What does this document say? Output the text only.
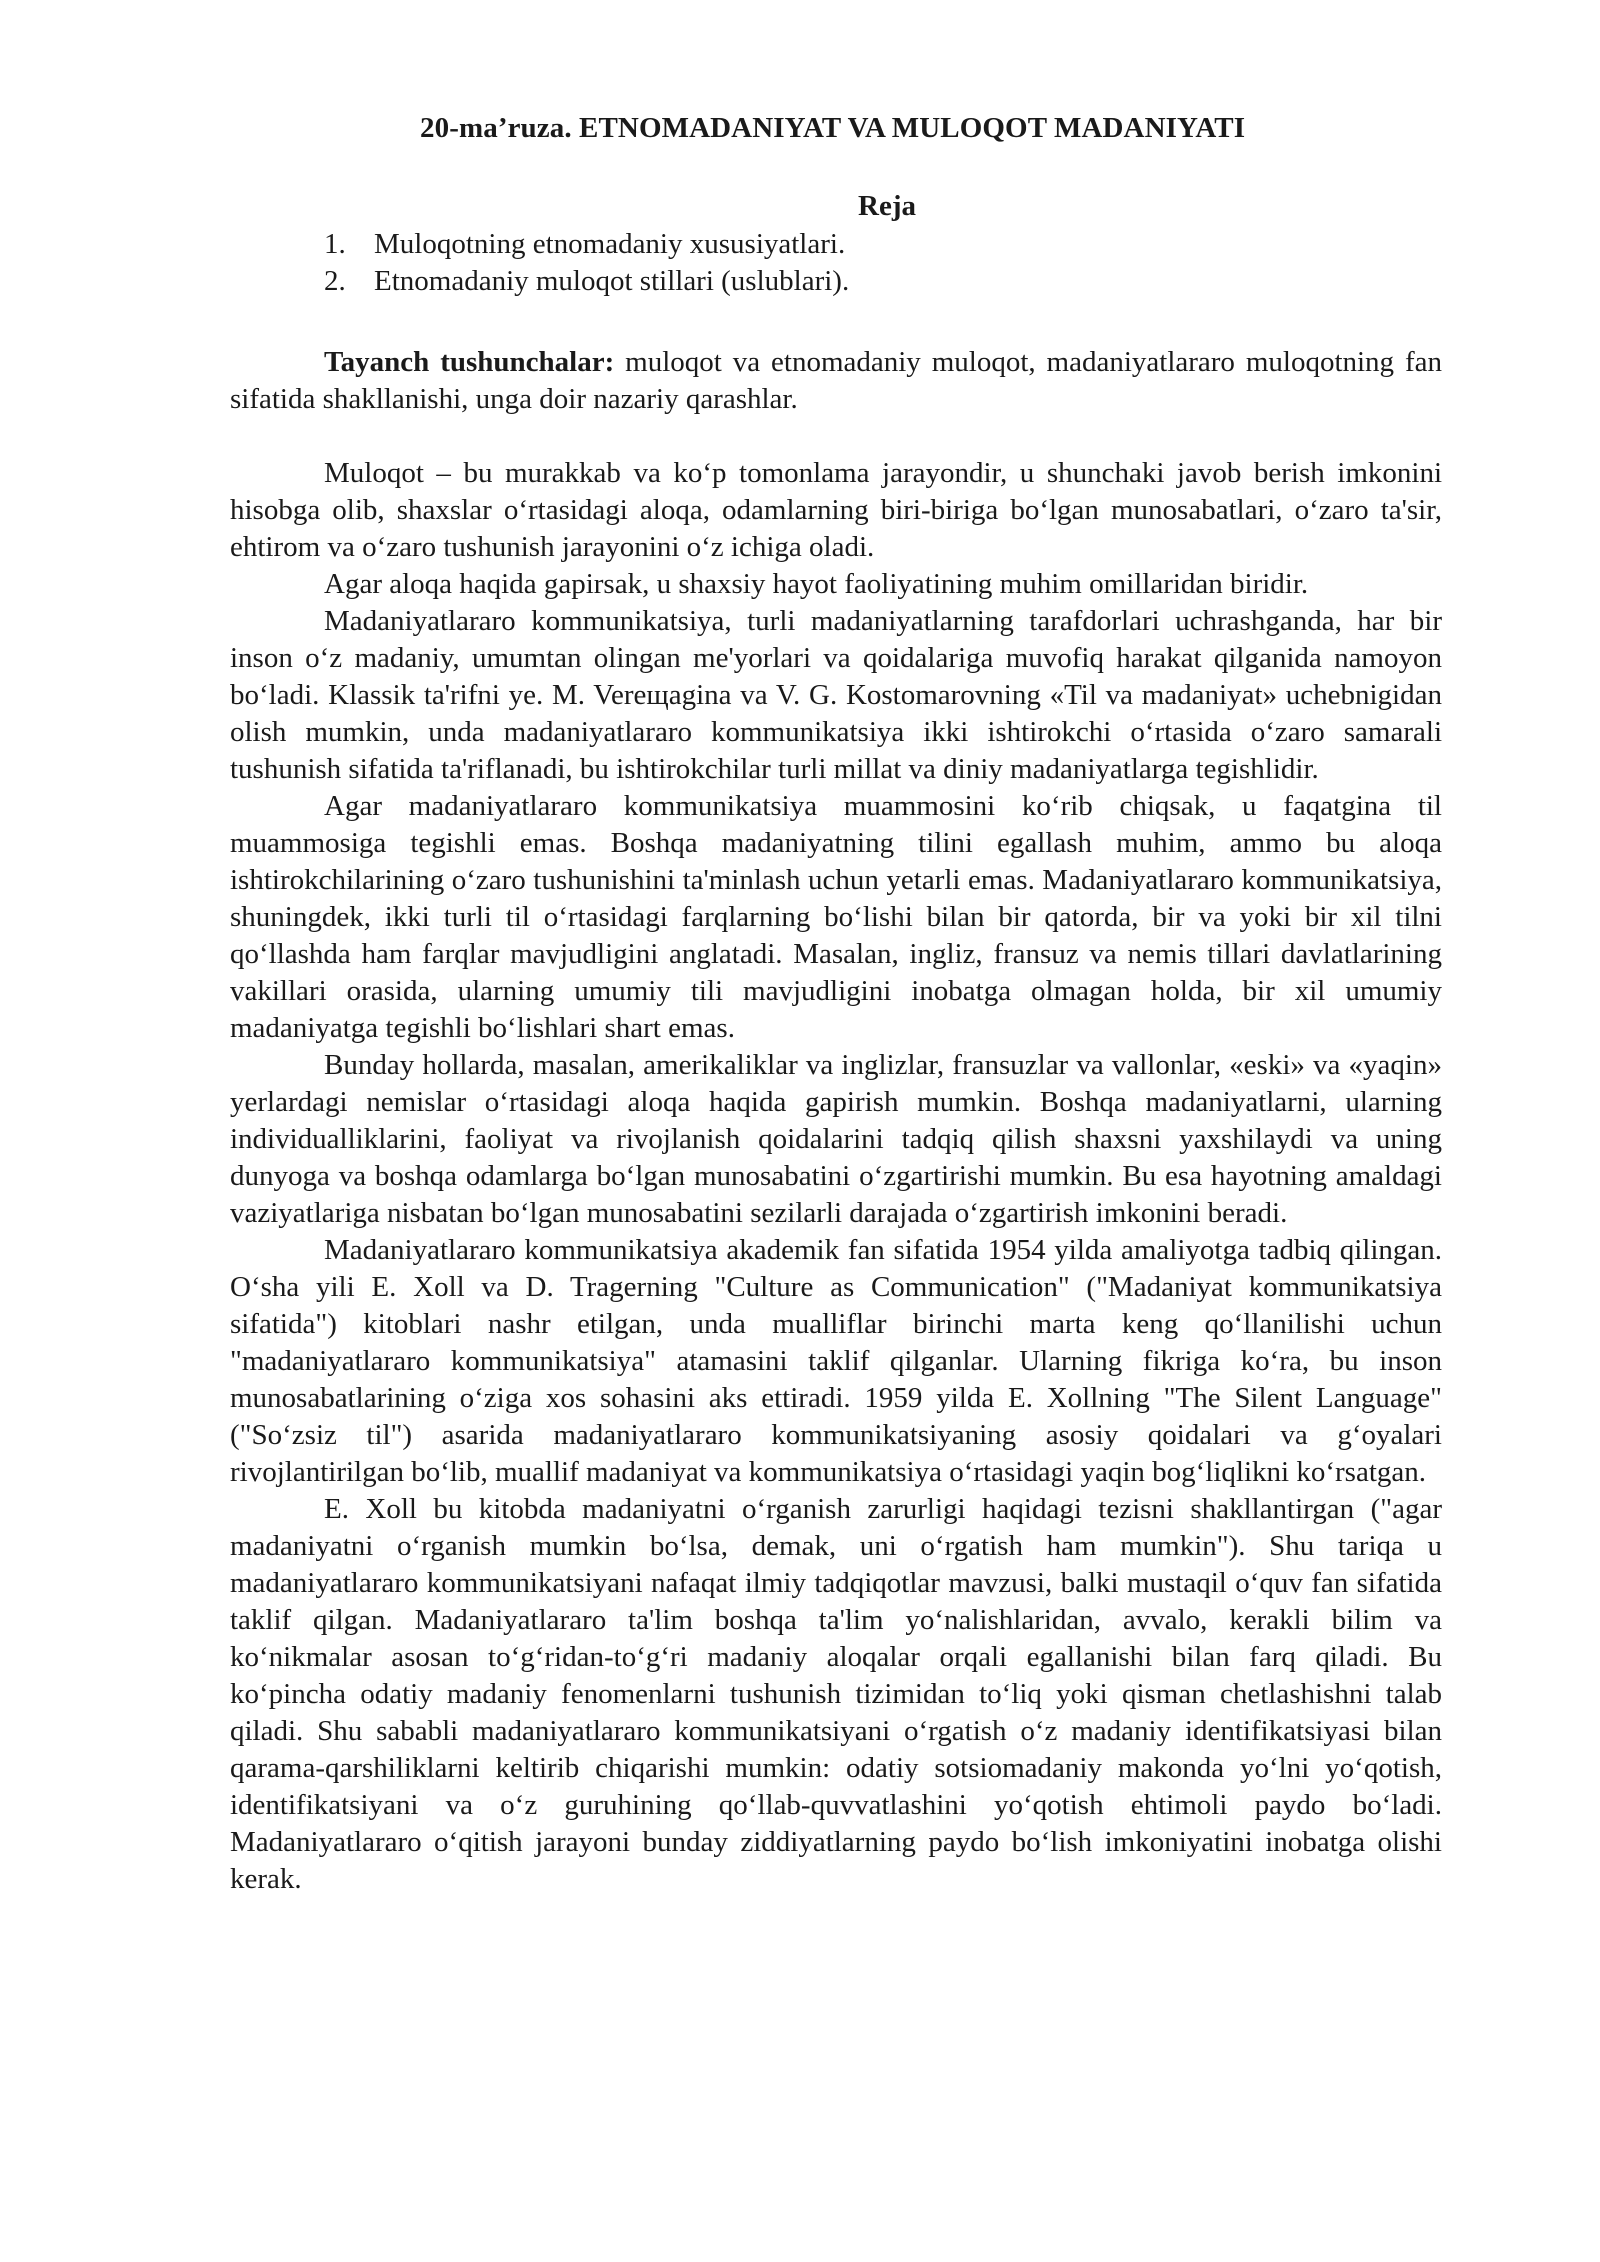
20-ma’ruza. ETNOMADANIYAT VA MULOQOT MADANIYATI
Reja
1. Muloqotning etnomadaniy xususiyatlari.
2. Etnomadaniy muloqot stillari (uslublari).

Tayanch tushunchalar: muloqot va etnomadaniy muloqot, madaniyatlararo muloqotning fan sifatida shakllanishi, unga doir nazariy qarashlar.

Muloqot – bu murakkab va koʻp tomonlama jarayondir, u shunchaki javob berish imkonini hisobga olib, shaxslar oʻrtasidagi aloqa, odamlarning biri-biriga boʻlgan munosabatlari, oʻzaro ta'sir, ehtirom va oʻzaro tushunish jarayonini oʻz ichiga oladi.

Agar aloqa haqida gapirsak, u shaxsiy hayot faoliyatining muhim omillaridan biridir.

Madaniyatlararo kommunikatsiya, turli madaniyatlarning tarafdorlari uchrashganda, har bir inson oʻz madaniy, umumtan olingan me'yorlari va qoidalariga muvofiq harakat qilganida namoyon boʻladi. Klassik ta'rifni ye. M. Vereщagina va V. G. Kostomarovning «Til va madaniyat» uchebnigidan olish mumkin, unda madaniyatlararo kommunikatsiya ikki ishtirokchi oʻrtasida oʻzaro samarali tushunish sifatida ta'riflanadi, bu ishtirokchilar turli millat va diniy madaniyatlarga tegishlidir.

Agar madaniyatlararo kommunikatsiya muammosini koʻrib chiqsak, u faqatgina til muammosiga tegishli emas. Boshqa madaniyatning tilini egallash muhim, ammo bu aloqa ishtirokchilarining oʻzaro tushunishini ta'minlash uchun yetarli emas. Madaniyatlararo kommunikatsiya, shuningdek, ikki turli til oʻrtasidagi farqlarning boʻlishi bilan bir qatorda, bir va yoki bir xil tilni qoʻllashda ham farqlar mavjudligini anglatadi. Masalan, ingliz, fransuz va nemis tillari davlatlarining vakillari orasida, ularning umumiy tili mavjudligini inobatga olmagan holda, bir xil umumiy madaniyatga tegishli boʻlishlari shart emas.

Bunday hollarda, masalan, amerikaliklar va inglizlar, fransuzlar va vallonlar, «eski» va «yaqin» yerlardagi nemislar oʻrtasidagi aloqa haqida gapirish mumkin. Boshqa madaniyatlarni, ularning individualliklarini, faoliyat va rivojlanish qoidalarini tadqiq qilish shaxsni yaxshilaydi va uning dunyoga va boshqa odamlarga boʻlgan munosabatini oʻzgartirishi mumkin. Bu esa hayotning amaldagi vaziyatlariga nisbatan boʻlgan munosabatini sezilarli darajada oʻzgartirish imkonini beradi.

Madaniyatlararo kommunikatsiya akademik fan sifatida 1954 yilda amaliyotga tadbiq qilingan. Oʻsha yili E. Xoll va D. Tragerning "Culture as Communication" ("Madaniyat kommunikatsiya sifatida") kitoblari nashr etilgan, unda mualliflar birinchi marta keng qoʻllanilishi uchun "madaniyatlararo kommunikatsiya" atamasini taklif qilganlar. Ularning fikriga koʻra, bu inson munosabatlarining oʻziga xos sohasini aks ettiradi. 1959 yilda E. Xollning "The Silent Language" ("Soʻzsiz til") asarida madaniyatlararo kommunikatsiyaning asosiy qoidalari va gʻoyalari rivojlantirilgan boʻlib, muallif madaniyat va kommunikatsiya oʻrtasidagi yaqin bogʻliqlikni koʻrsatgan.

E. Xoll bu kitobda madaniyatni oʻrganish zarurligi haqidagi tezisni shakllantirgan ("agar madaniyatni oʻrganish mumkin boʻlsa, demak, uni oʻrgatish ham mumkin"). Shu tariqa u madaniyatlararo kommunikatsiyani nafaqat ilmiy tadqiqotlar mavzusi, balki mustaqil oʻquv fan sifatida taklif qilgan. Madaniyatlararo ta'lim boshqa ta'lim yoʻnalishlaridan, avvalo, kerakli bilim va koʻnikmalar asosan toʻgʻridan-toʻgʻri madaniy aloqalar orqali egallanishi bilan farq qiladi. Bu koʻpincha odatiy madaniy fenomenlarni tushunish tizimidan toʻliq yoki qisman chetlashishni talab qiladi. Shu sababli madaniyatlararo kommunikatsiyani oʻrgatish oʻz madaniy identifikatsiyasi bilan qarama-qarshiliklarni keltirib chiqarishi mumkin: odatiy sotsiomadaniy makonda yoʻlni yoʻqotish, identifikatsiyani va oʻz guruhining qoʻllab-quvvatlashini yoʻqotish ehtimoli paydo boʻladi. Madaniyatlararo oʻqitish jarayoni bunday ziddiyatlarning paydo boʻlish imkoniyatini inobatga olishi kerak.
